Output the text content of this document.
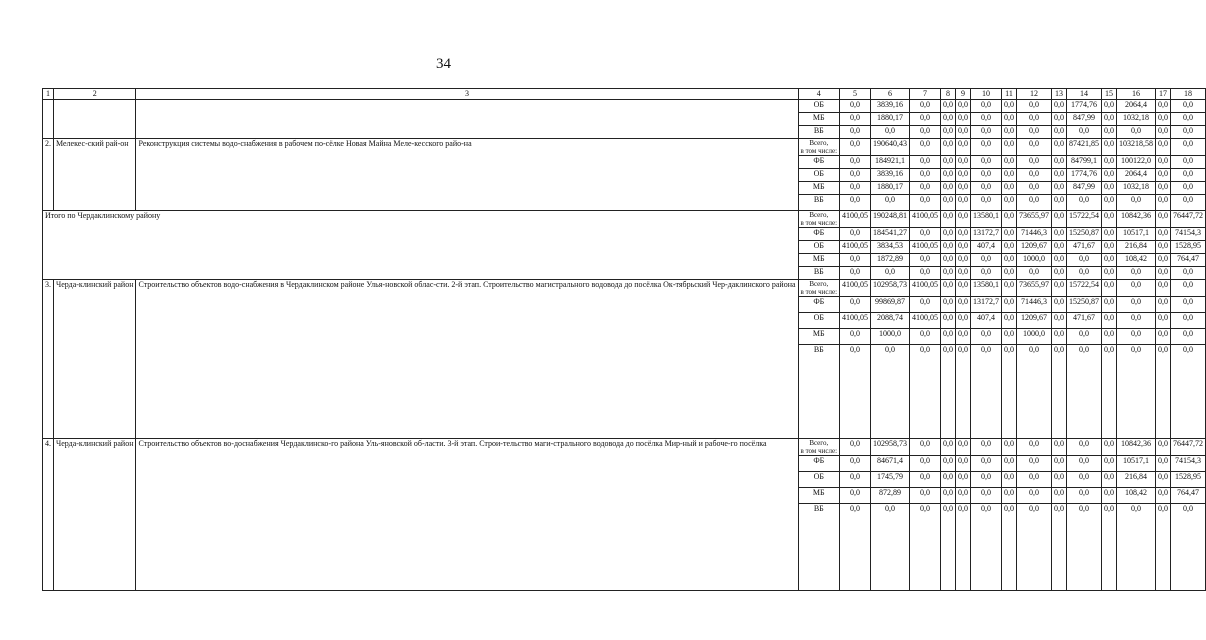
34
1	2	3	4	5	6	7	8	9	10	11	12	13	14	15	16	17	18
			ОБ	0,0	3839,16	0,0	0,0	0,0	0,0	0,0	0,0	0,0	1774,76	0,0	2064,4	0,0	0,0
			МБ	0,0	1880,17	0,0	0,0	0,0	0,0	0,0	0,0	0,0	847,99	0,0	1032,18	0,0	0,0
			ВБ	0,0	0,0	0,0	0,0	0,0	0,0	0,0	0,0	0,0	0,0	0,0	0,0	0,0	0,0
2.	Мелекес-ский рай-он	Реконструкция системы водо-снабжения в рабочем по-сёлке Новая Майна Меле-кесского райо-на	Всего,
в том числе:	0,0	190640,43	0,0	0,0	0,0	0,0	0,0	0,0	0,0	87421,85	0,0	103218,58	0,0	0,0
			ФБ	0,0	184921,1	0,0	0,0	0,0	0,0	0,0	0,0	0,0	84799,1	0,0	100122,0	0,0	0,0
			ОБ	0,0	3839,16	0,0	0,0	0,0	0,0	0,0	0,0	0,0	1774,76	0,0	2064,4	0,0	0,0
			МБ	0,0	1880,17	0,0	0,0	0,0	0,0	0,0	0,0	0,0	847,99	0,0	1032,18	0,0	0,0
			ВБ	0,0	0,0	0,0	0,0	0,0	0,0	0,0	0,0	0,0	0,0	0,0	0,0	0,0	0,0
Итого по Чердаклинскому району			Всего,
в том числе:	4100,05	190248,81	4100,05	0,0	0,0	13580,1	0,0	73655,97	0,0	15722,54	0,0	10842,36	0,0	76447,72
			ФБ	0,0	184541,27	0,0	0,0	0,0	13172,7	0,0	71446,3	0,0	15250,87	0,0	10517,1	0,0	74154,3
			ОБ	4100,05	3834,53	4100,05	0,0	0,0	407,4	0,0	1209,67	0,0	471,67	0,0	216,84	0,0	1528,95
			МБ	0,0	1872,89	0,0	0,0	0,0	0,0	0,0	1000,0	0,0	0,0	0,0	108,42	0,0	764,47
			ВБ	0,0	0,0	0,0	0,0	0,0	0,0	0,0	0,0	0,0	0,0	0,0	0,0	0,0	0,0
3.	Черда-клинский район	Строительство объектов водо-снабжения в Чердаклинском районе Улья-новской облас-сти. 2-й этап. Строительство магистрального водовода до посёлка Ок-тябрьский Чер-даклинского района	Всего,
в том числе:	4100,05	102958,73	4100,05	0,0	0,0	13580,1	0,0	73655,97	0,0	15722,54	0,0	0,0	0,0	0,0
			ФБ	0,0	99869,87	0,0	0,0	0,0	13172,7	0,0	71446,3	0,0	15250,87	0,0	0,0	0,0	0,0
			ОБ	4100,05	2088,74	4100,05	0,0	0,0	407,4	0,0	1209,67	0,0	471,67	0,0	0,0	0,0	0,0
			МБ	0,0	1000,0	0,0	0,0	0,0	0,0	0,0	1000,0	0,0	0,0	0,0	0,0	0,0	0,0
			ВБ	0,0	0,0	0,0	0,0	0,0	0,0	0,0	0,0	0,0	0,0	0,0	0,0	0,0	0,0
4.	Черда-клинский район	Строительство объектов во-доснабжения Чердаклинско-го района Уль-яновской об-ласти. 3-й этап. Строи-тельство маги-стрального водовода до посёлка Мир-ный и рабоче-го посёлка	Всего,
в том числе:	0,0	102958,73	0,0	0,0	0,0	0,0	0,0	0,0	0,0	0,0	0,0	10842,36	0,0	76447,72
			ФБ	0,0	84671,4	0,0	0,0	0,0	0,0	0,0	0,0	0,0	0,0	0,0	10517,1	0,0	74154,3
			ОБ	0,0	1745,79	0,0	0,0	0,0	0,0	0,0	0,0	0,0	0,0	0,0	216,84	0,0	1528,95
			МБ	0,0	872,89	0,0	0,0	0,0	0,0	0,0	0,0	0,0	0,0	0,0	108,42	0,0	764,47
			ВБ	0,0	0,0	0,0	0,0	0,0	0,0	0,0	0,0	0,0	0,0	0,0	0,0	0,0	0,0
